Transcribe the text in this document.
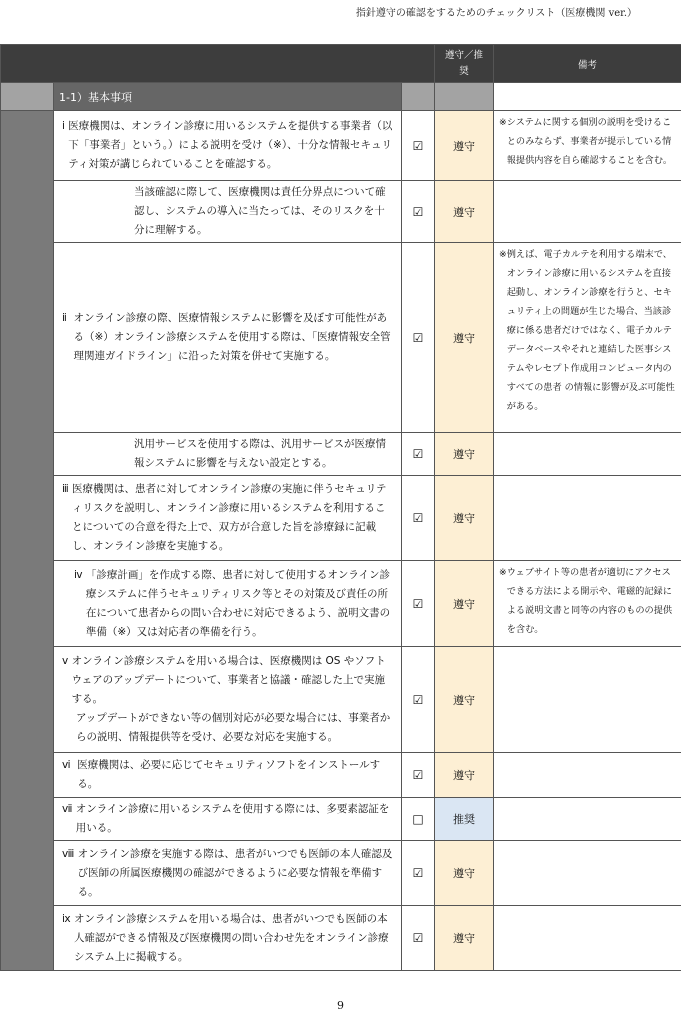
指針遵守の確認をするためのチェックリスト（医療機関 ver.）
			遵守／推奨	備考
	1-1）基本事項			

	ⅰ 医療機関は、オンライン診療に用いるシステムを提供する事業者（以下「事業者」という。）による説明を受け（※）、十分な情報セキュリティ対策が講じられていることを確認する。	☑	遵守	※ システムに関する個別の説明を受けることのみならず、事業者が提示している情報提供内容を自ら確認することを含む。

	当該確認に際して、医療機関は責任分界点について確認し、システムの導入に当たっては、そのリスクを十分に理解する。	☑	遵守	

	ⅱ オンライン診療の際、医療情報システムに影響を及ぼす可能性がある（※）オンライン診療システムを使用する際は、「医療情報安全管理関連ガイドライン」に沿った対策を併せて実施する。	☑	遵守	※ 例えば、電子カルテを利用する端末で、オンライン診療に用いるシステムを直接起動し、オンライン診療を行うと、セキュリティ上の問題が生じた場合、当該診療に係る患者だけではなく、電子カルテデータベースやそれと連結した医事システムやレセプト作成用コンピュータ内のすべての患者 の情報に影響が及ぶ可能性がある。

	汎用サービスを使用する際は、汎用サービスが医療情報システムに影響を与えない設定とする。	☑	遵守	

	ⅲ 医療機関は、患者に対してオンライン診療の実施に伴うセキュリティリスクを説明し、オンライン診療に用いるシステムを利用することについての合意を得た上で、双方が合意した旨を診療録に記載し、オンライン診療を実施する。	☑	遵守	

	ⅳ 「診療計画」を作成する際、患者に対して使用するオンライン診療システムに伴うセキュリティリスク等とその対策及び責任の所在について患者からの問い合わせに対応できるよう、説明文書の準備（※）又は対応者の準備を行う。	☑	遵守	※ ウェブサイト等の患者が適切にアクセスできる方法による開示や、電磁的記録による説明文書と同等の内容のものの提供を含む。

	ⅴ オンライン診療システムを用いる場合は、医療機関は OS やソフトウェアのアップデートについて、事業者と協議・確認した上で実施する。
アップデートができない等の個別対応が必要な場合には、事業者からの説明、情報提供等を受け、必要な対応を実施する。	☑	遵守	

	ⅵ 医療機関は、必要に応じてセキュリティソフトをインストールする。	☑	遵守	

	ⅶ オンライン診療に用いるシステムを使用する際には、多要素認証を用いる。	□	推奨	

	ⅷ オンライン診療を実施する際は、患者がいつでも医師の本人確認及び医師の所属医療機関の確認ができるように必要な情報を準備する。	☑	遵守	

	ⅸ オンライン診療システムを用いる場合は、患者がいつでも医師の本人確認ができる情報及び医療機関の問い合わせ先をオンライン診療システム上に掲載する。	☑	遵守	
9
